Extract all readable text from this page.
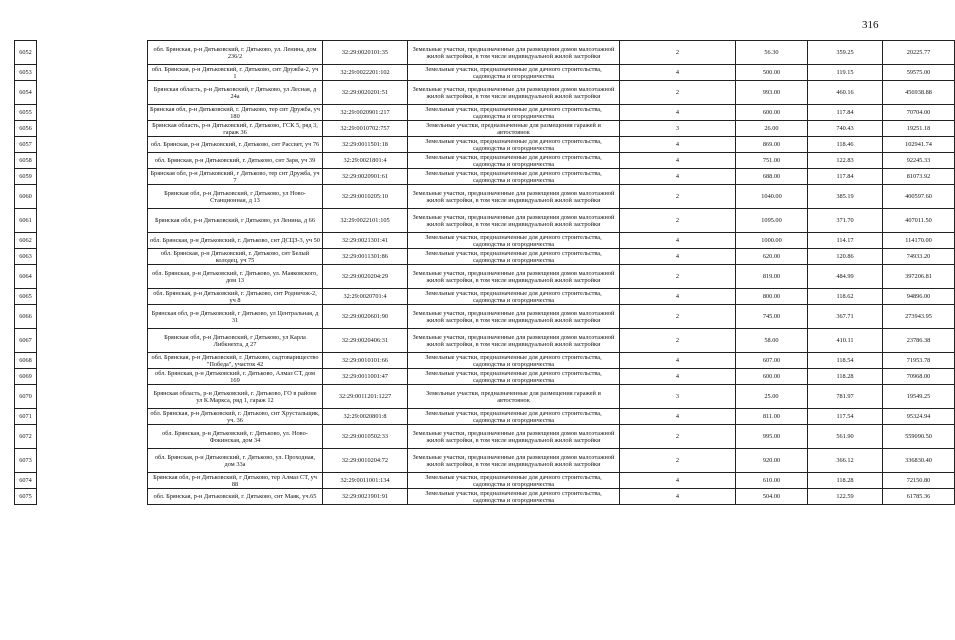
316
6052		обл. Брянская, р-н Дятьковский, г. Дятьково, ул. Ленина, дом 236/2	32:29:0020101:35	Земельные участки, предназначенные для размещения домов малоэтажной жилой застройки, в том числе индивидуальной жилой застройки	2	56.30	359.25	20225.77
6053		обл. Брянская, р-н Дятьковский, г. Дятьково, снт Дружба-2, уч 1	32:29:0022201:102	Земельные участки, предназначенные для дачного строительства, садоводства и огородничества	4	500.00	119.15	59575.00
6054		Брянская область, р-н Дятьковский, г Дятьково, ул Лесная, д 24а	32:29:0020201:51	Земельные участки, предназначенные для размещения домов малоэтажной жилой застройки, в том числе индивидуальной жилой застройки	2	993.00	460.16	456938.88
6055		Брянская обл, р-н Дятьковский, г. Дятьково, тер снт Дружба, уч 180	32:29:0020901:217	Земельные участки, предназначенные для дачного строительства, садоводства и огородничества	4	600.00	117.84	70704.00
6056		Брянская область, р-н Дятьковский, г. Дятьково, ГСК 5, ряд 3, гараж 36	32:29:0010702:757	Земельные участки, предназначенные для размещения гаражей и автостоянок	3	26.00	740.43	19251.18
6057		обл. Брянская, р-н Дятьковский, г. Дятьково, снт Рассвет, уч 76	32:29:0011501:18	Земельные участки, предназначенные для дачного строительства, садоводства и огородничества	4	869.00	118.46	102941.74
6058		обл. Брянская, р-н Дятьковский, г. Дятьково, снт Заря, уч 39	32:29:0021801:4	Земельные участки, предназначенные для дачного строительства, садоводства и огородничества	4	751.00	122.83	92245.33
6059		Брянская обл, р-н Дятьковский, г Дятьково, тер снт Дружба, уч 7	32:29:0020901:61	Земельные участки, предназначенные для дачного строительства, садоводства и огородничества	4	688.00	117.84	81073.92
6060		Брянская обл, р-н Дятьковский, г Дятьково, ул Ново-Станционная, д 13	32:29:0010205:10	Земельные участки, предназначенные для размещения домов малоэтажной жилой застройки, в том числе индивидуальной жилой застройки	2	1040.00	385.19	400597.60
6061		Брянская обл, р-н Дятьковский, г Дятьково, ул Ленина, д 66	32:29:0022101:105	Земельные участки, предназначенные для размещения домов малоэтажной жилой застройки, в том числе индивидуальной жилой застройки	2	1095.00	371.70	407011.50
6062		обл. Брянская, р-н Дятьковский, г. Дятьково, снт ДСЦЗ-3, уч 50	32:29:0021301:41	Земельные участки, предназначенные для дачного строительства, садоводства и огородничества	4	1000.00	114.17	114170.00
6063		обл. Брянская, р-н Дятьковский, г. Дятьково, снт Белый колодец, уч 75	32:29:0011301:86	Земельные участки, предназначенные для дачного строительства, садоводства и огородничества	4	620.00	120.86	74933.20
6064		обл. Брянская, р-н Дятьковский, г. Дятьково, ул. Маяковского, дом 13	32:29:0020204:29	Земельные участки, предназначенные для размещения домов малоэтажной жилой застройки, в том числе индивидуальной жилой застройки	2	819.00	484.99	397206.81
6065		обл. Брянская, р-н Дятьковский, г. Дятьково, снт Родничок-2, уч 8	32:29:0020701:4	Земельные участки, предназначенные для дачного строительства, садоводства и огородничества	4	800.00	118.62	94896.00
6066		Брянская обл, р-н Дятьковский, г Дятьково, ул Центральная, д 31	32:29:0020601:90	Земельные участки, предназначенные для размещения домов малоэтажной жилой застройки, в том числе индивидуальной жилой застройки	2	745.00	367.71	273943.95
6067		Брянская обл, р-н Дятьковский, г Дятьково, ул Карла Либкнехта, д 27	32:29:0020406:31	Земельные участки, предназначенные для размещения домов малоэтажной жилой застройки, в том числе индивидуальной жилой застройки	2	58.00	410.11	23786.38
6068		обл. Брянская, р-н Дятьковский, г. Дятьково, садтоварищество "Победа", участок 42	32:29:0010101:66	Земельные участки, предназначенные для дачного строительства, садоводства и огородничества	4	607.00	118.54	71953.78
6069		обл. Брянская, р-н Дятьковский, г. Дятьково, Алмаз СТ, дом 169	32:29:0011001:47	Земельные участки, предназначенные для дачного строительства, садоводства и огородничества	4	600.00	118.28	70968.00
6070		Брянская область, р-н Дятьковский, г. Дятьково, ГО в районе ул К.Маркса, ряд 1, гараж 12	32:29:0011201:1227	Земельные участки, предназначенные для размещения гаражей и автостоянок	3	25.00	781.97	19549.25
6071		обл. Брянская, р-н Дятьковский, г. Дятьково, снт Хрустальщик, уч. 36	32:29:0020801:8	Земельные участки, предназначенные для дачного строительства, садоводства и огородничества	4	811.00	117.54	95324.94
6072		обл. Брянская, р-н Дятьковский, г. Дятьково, ул. Ново-Фокинская, дом 34	32:29:0010502:33	Земельные участки, предназначенные для размещения домов малоэтажной жилой застройки, в том числе индивидуальной жилой застройки	2	995.00	561.90	559090.50
6073		обл. Брянская, р-н Дятьковский, г. Дятьково, ул. Проходная, дом 33а	32:29:0010204:72	Земельные участки, предназначенные для размещения домов малоэтажной жилой застройки, в том числе индивидуальной жилой застройки	2	920.00	366.12	336830.40
6074		Брянская обл, р-н Дятьковский, г Дятьково, тер Алмаз СТ, уч 88	32:29:0011001:134	Земельные участки, предназначенные для дачного строительства, садоводства и огородничества	4	610.00	118.28	72150.80
6075		обл. Брянская, р-н Дятьковский, г. Дятьково, снт Маяк, уч.65	32:29:0021901:91	Земельные участки, предназначенные для дачного строительства, садоводства и огородничества	4	504.00	122.59	61785.36
